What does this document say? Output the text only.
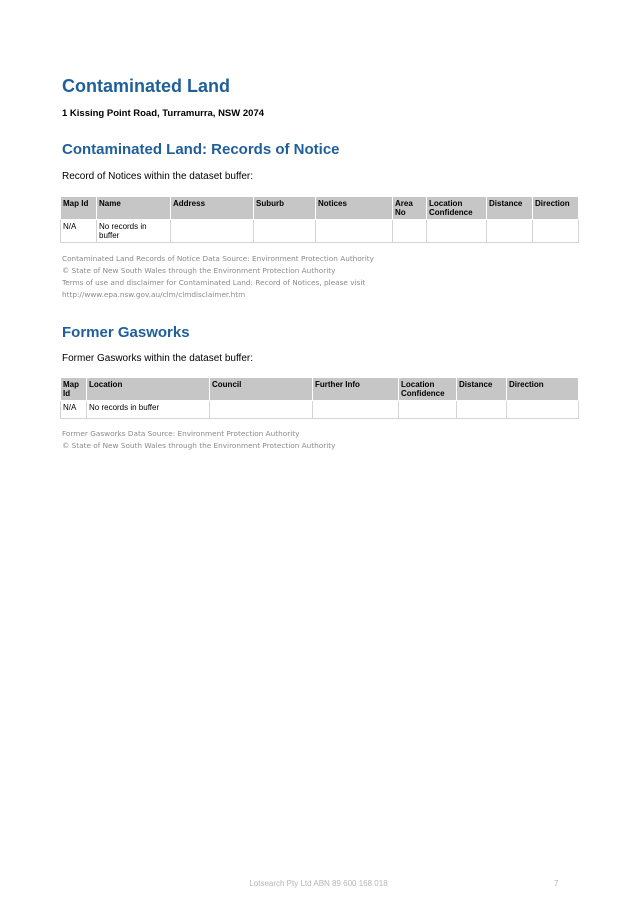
Contaminated Land

1 Kissing Point Road, Turramurra, NSW 2074

Contaminated Land: Records of Notice

Record of Notices within the dataset buffer:

Map Id	Name	Address	Suburb	Notices	Area No	Location Confidence	Distance	Direction
N/A	No records in buffer							
Contaminated Land Records of Notice Data Source: Environment Protection Authority
© State of New South Wales through the Environment Protection Authority
Terms of use and disclaimer for Contaminated Land: Record of Notices, please visit
http://www.epa.nsw.gov.au/clm/clmdisclaimer.htm
Former Gasworks

Former Gasworks within the dataset buffer:

Map Id	Location	Council	Further Info	Location Confidence	Distance	Direction
N/A	No records in buffer					
Former Gasworks Data Source: Environment Protection Authority
© State of New South Wales through the Environment Protection Authority
Lotsearch Pty Ltd ABN 89 600 168 018	7
